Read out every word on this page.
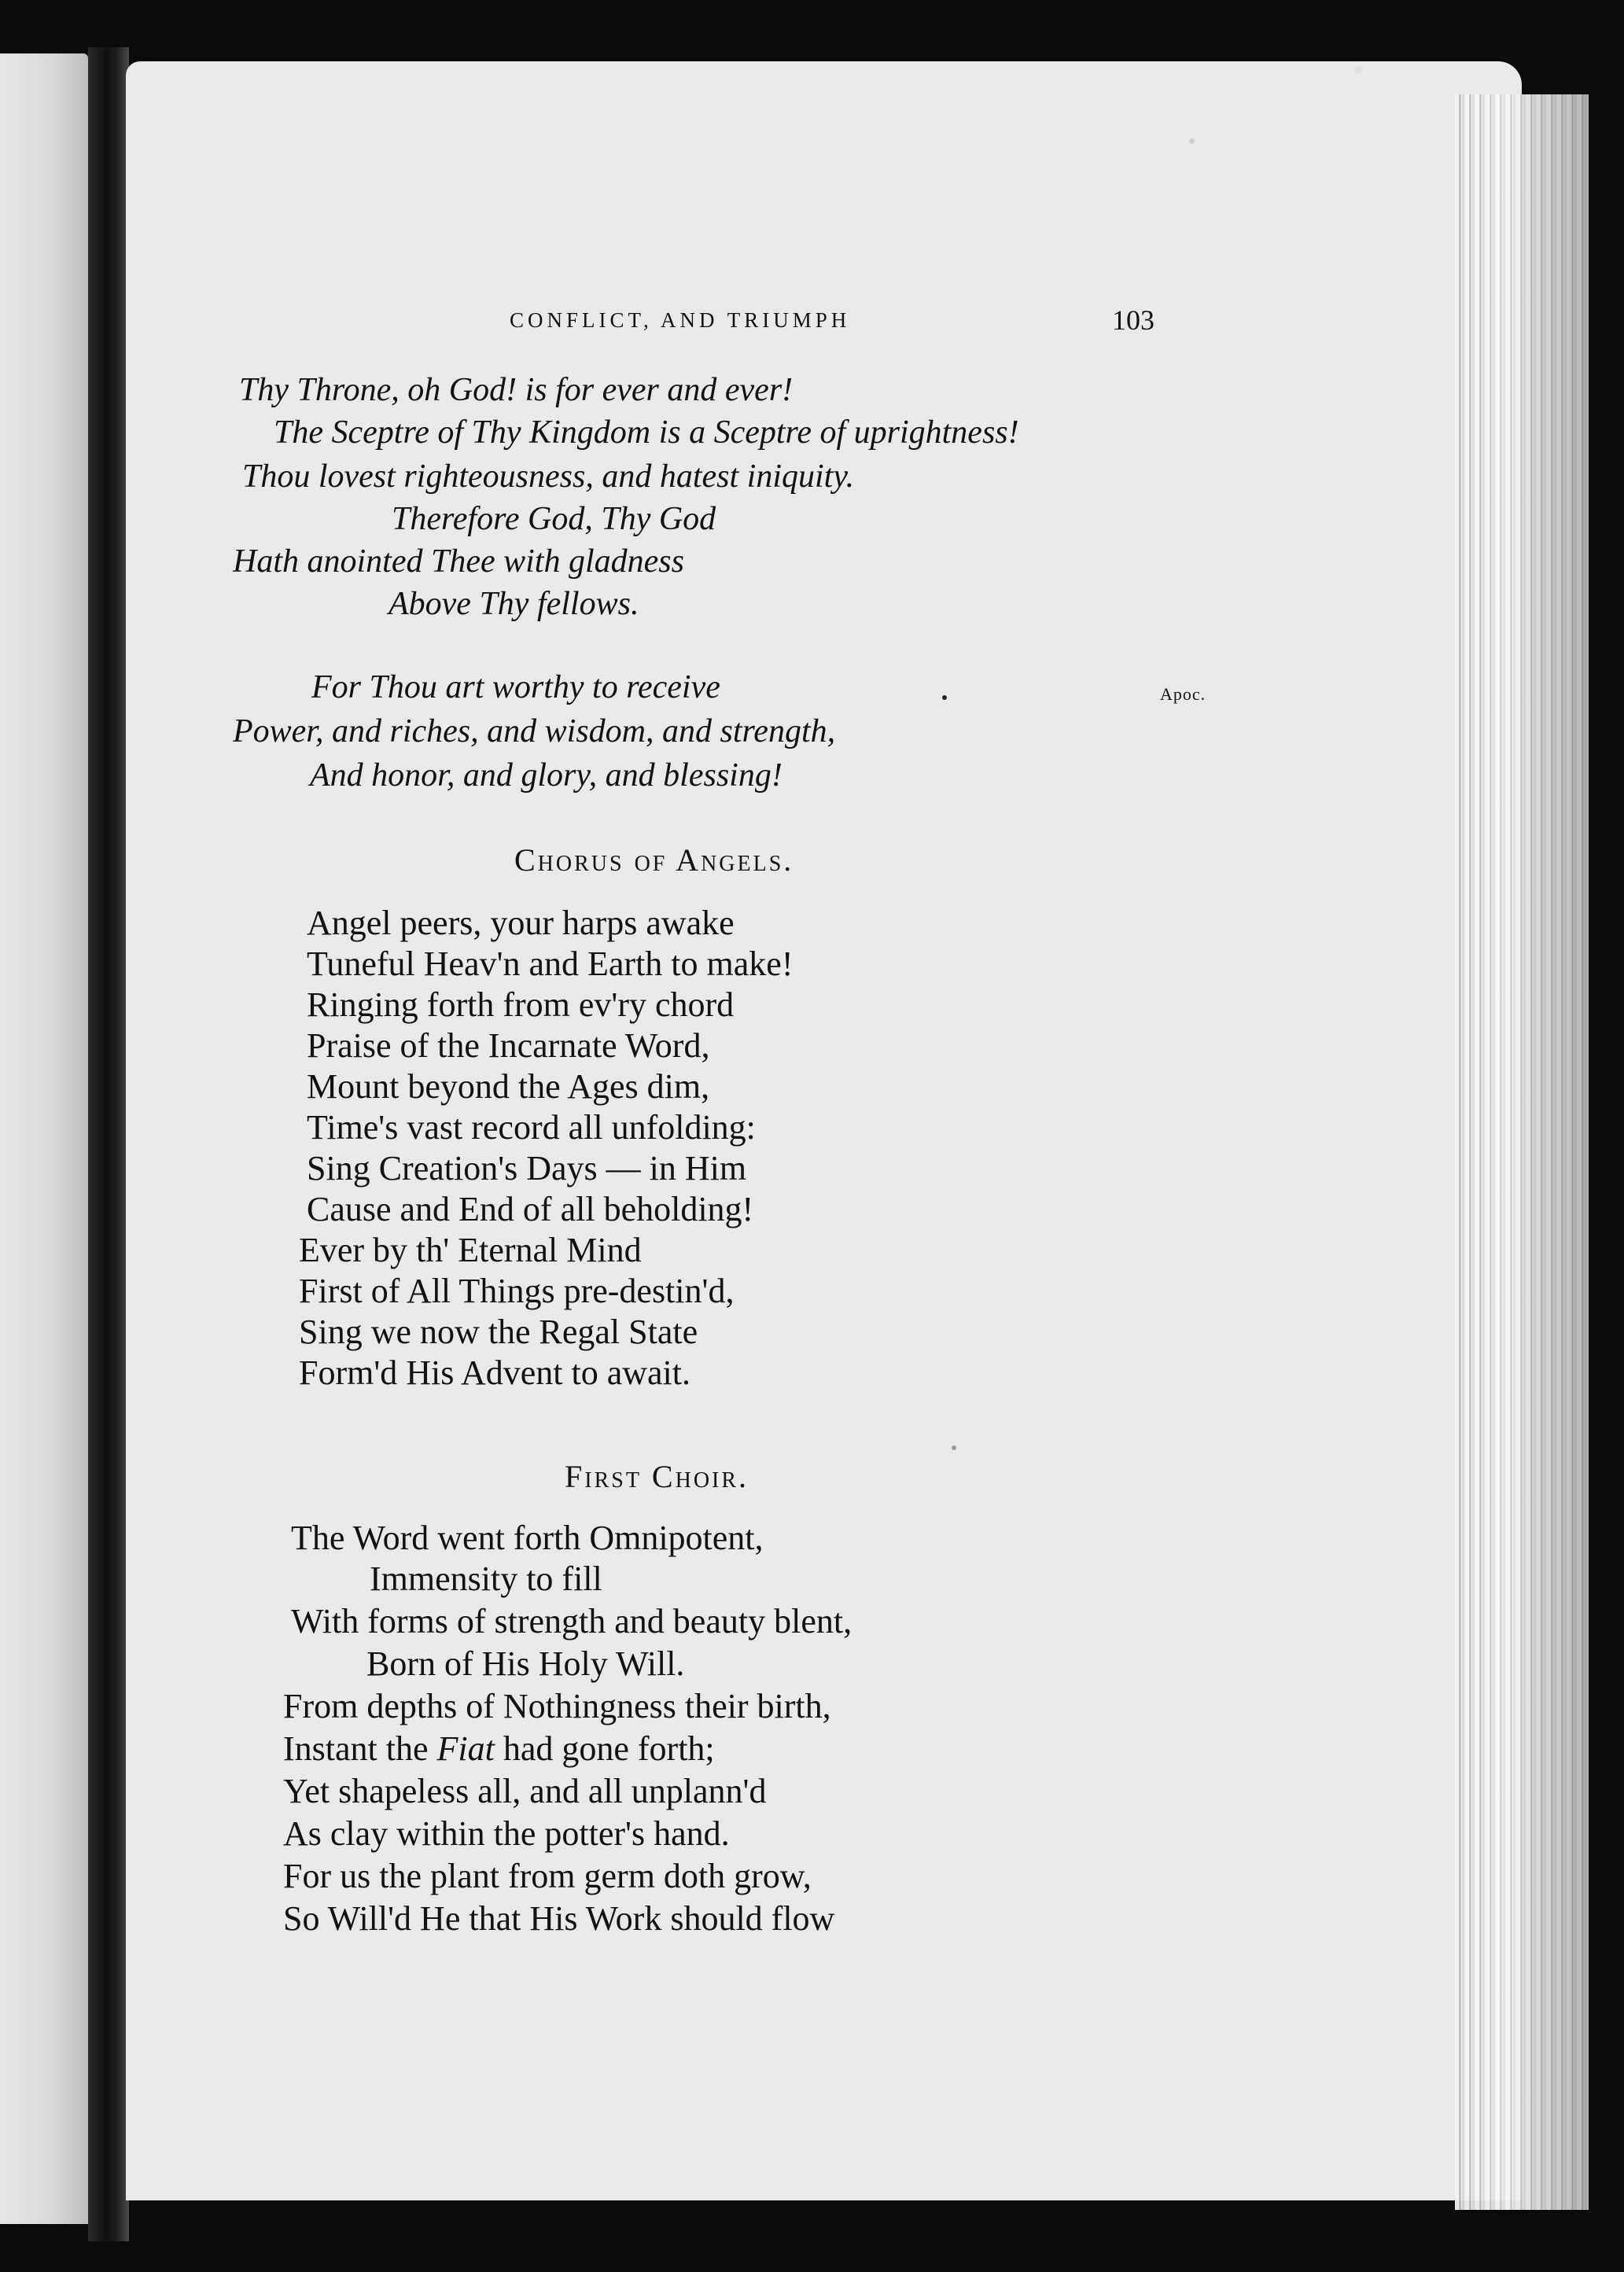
CONFLICT, AND TRIUMPH	103
Apoc.
Thy Throne, oh God! is for ever and ever!
The Sceptre of Thy Kingdom is a Sceptre of uprightness!
Thou lovest righteousness, and hatest iniquity.
Therefore God, Thy God
Hath anointed Thee with gladness
Above Thy fellows.
For Thou art worthy to receive
Power, and riches, and wisdom, and strength,
And honor, and glory, and blessing!
Chorus of Angels.
Angel peers, your harps awake
Tuneful Heav'n and Earth to make!
Ringing forth from ev'ry chord
Praise of the Incarnate Word,
Mount beyond the Ages dim,
Time's vast record all unfolding:
Sing Creation's Days — in Him
Cause and End of all beholding!
Ever by th' Eternal Mind
First of All Things pre-destin'd,
Sing we now the Regal State
Form'd His Advent to await.
First Choir.
The Word went forth Omnipotent,
Immensity to fill
With forms of strength and beauty blent,
Born of His Holy Will.
From depths of Nothingness their birth,
Instant the Fiat had gone forth;
Yet shapeless all, and all unplann'd
As clay within the potter's hand.
For us the plant from germ doth grow,
So Will'd He that His Work should flow
